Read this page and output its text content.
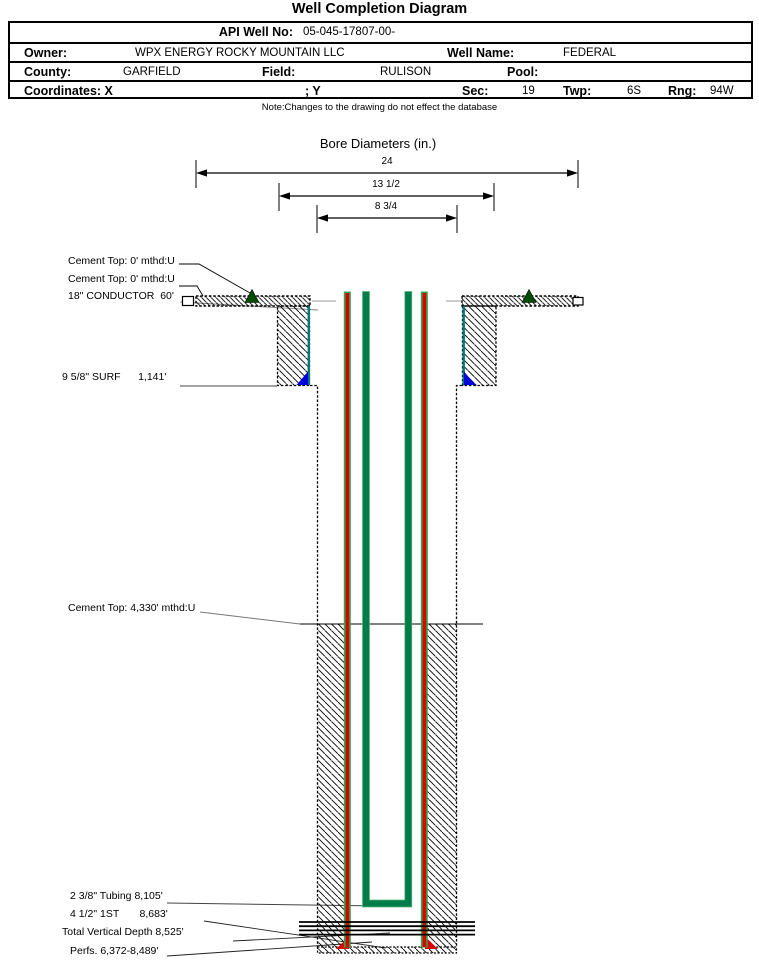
Well Completion Diagram
API Well No: 05-045-17807-00-
Owner:	WPX ENERGY ROCKY MOUNTAIN LLC	Well Name:	FEDERAL
County:	GARFIELD	Field:	RULISON	Pool:
Coordinates: X	; Y	Sec:	19 Twp:	6S Rng: 94W
Note:Changes to the drawing do not effect the database
Bore Diameters (in.)
24
13 1/2
8 3/4
Cement Top: 0' mthd:U
Cement Top: 0' mthd:U
18" CONDUCTOR  60'
9 5/8" SURF      1,141'
Cement Top: 4,330' mthd:U
2 3/8" Tubing 8,105'
4 1/2" 1ST       8,683'
Total Vertical Depth 8,525'
Perfs. 6,372-8,489'
